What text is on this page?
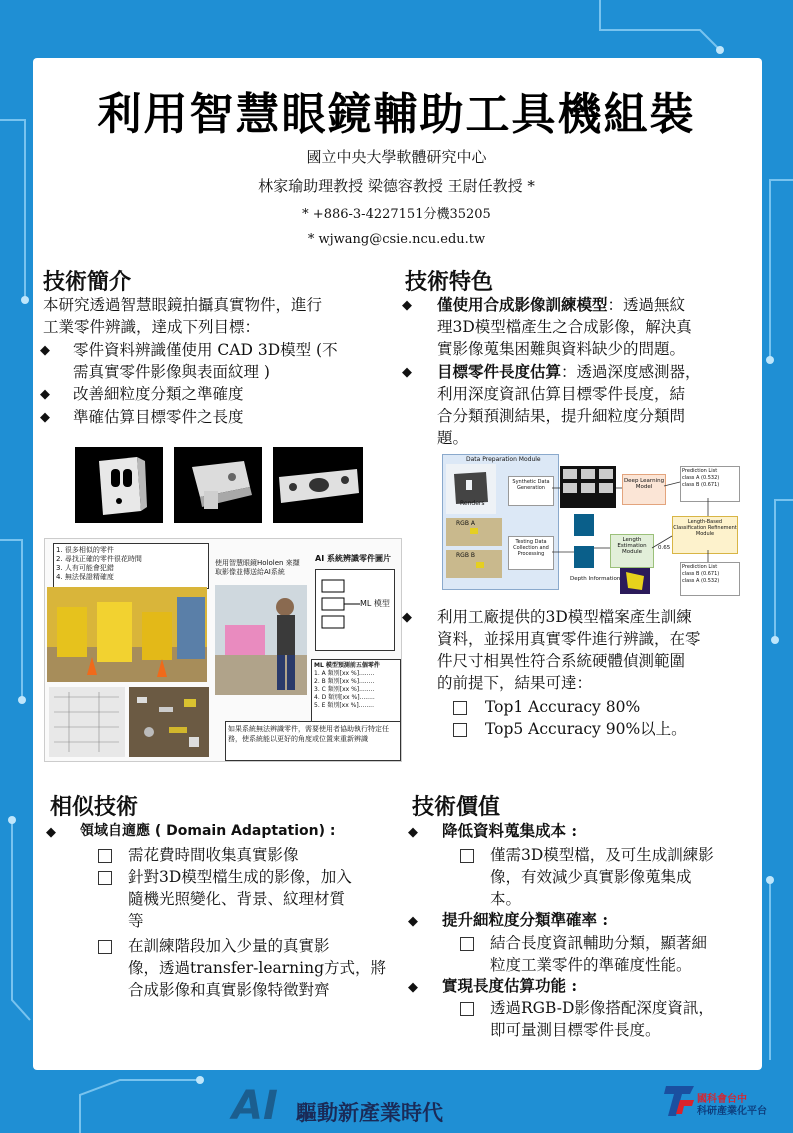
利用智慧眼鏡輔助工具機組裝
國立中央大學軟體研究中心
林家瑜助理教授 梁德容教授 王尉任教授 *
* +886-3-4227151分機35205
* wjwang@csie.ncu.edu.tw
技術簡介
本研究透過智慧眼鏡拍攝真實物件，進行
工業零件辨識，達成下列目標：
◆ 零件資料辨識僅使用 CAD 3D模型 (不
需真實零件影像與表面紋理 )
◆ 改善細粒度分類之準確度
◆ 準確估算目標零件之長度
1. 很多相似的零件
2. 尋找正確的零件很花時間
3. 人有可能會犯錯
4. 無法保證精確度
使用智慧眼鏡Hololen 來擷取影像並傳送給AI系統
AI 系統辨識零件圖片
ML 模型
ML 模型預測前五個零件
1. A 類別[xx %]........
2. B 類別[xx %]........
3. C 類別[xx %]........
4. D 類別[xx %]........
5. E 類別[xx %]........
如果系統無法辨識零件，需要使用者協助執行特定任務，使系統能以更好的角度或位置來重新辨識
技術特色
◆ 僅使用合成影像訓練模型：透過無紋
理3D模型檔產生之合成影像，解決真
實影像蒐集困難與資料缺少的問題。
◆ 目標零件長度估算：透過深度感測器，
利用深度資訊估算目標零件長度，結
合分類預測結果，提升細粒度分類問
題。
Data Preparation Module
Renders
Synthetic Data Generation
RGB A
RGB B
Testing Data Collection and Processing
Deep Learning Model
Length Estimation Module
0.65
Depth Information
Prediction List
class A (0.532)
class B (0.671)
Length-Based Classification Refinement Module
Prediction List
class B (0.671)
class A (0.532)
◆ 利用工廠提供的3D模型檔案產生訓練
資料，並採用真實零件進行辨識，在零
件尺寸相異性符合系統硬體偵測範圍
的前提下，結果可達：
Top1 Accuracy 80%
Top5 Accuracy 90%以上。
相似技術
◆ 領域自適應 ( Domain Adaptation) :
需花費時間收集真實影像
針對3D模型檔生成的影像，加入
隨機光照變化、背景、紋理材質
等
在訓練階段加入少量的真實影
像，透過transfer-learning方式，將
合成影像和真實影像特徵對齊
技術價值
◆ 降低資料蒐集成本 :
僅需3D模型檔，及可生成訓練影
像，有效減少真實影像蒐集成
本。
◆ 提升細粒度分類準確率 :
結合長度資訊輔助分類，顯著細
粒度工業零件的準確度性能。
◆ 實現長度估算功能 :
透過RGB-D影像搭配深度資訊，
即可量測目標零件長度。
AI 驅動新產業時代
國科會台中
科研產業化平台
